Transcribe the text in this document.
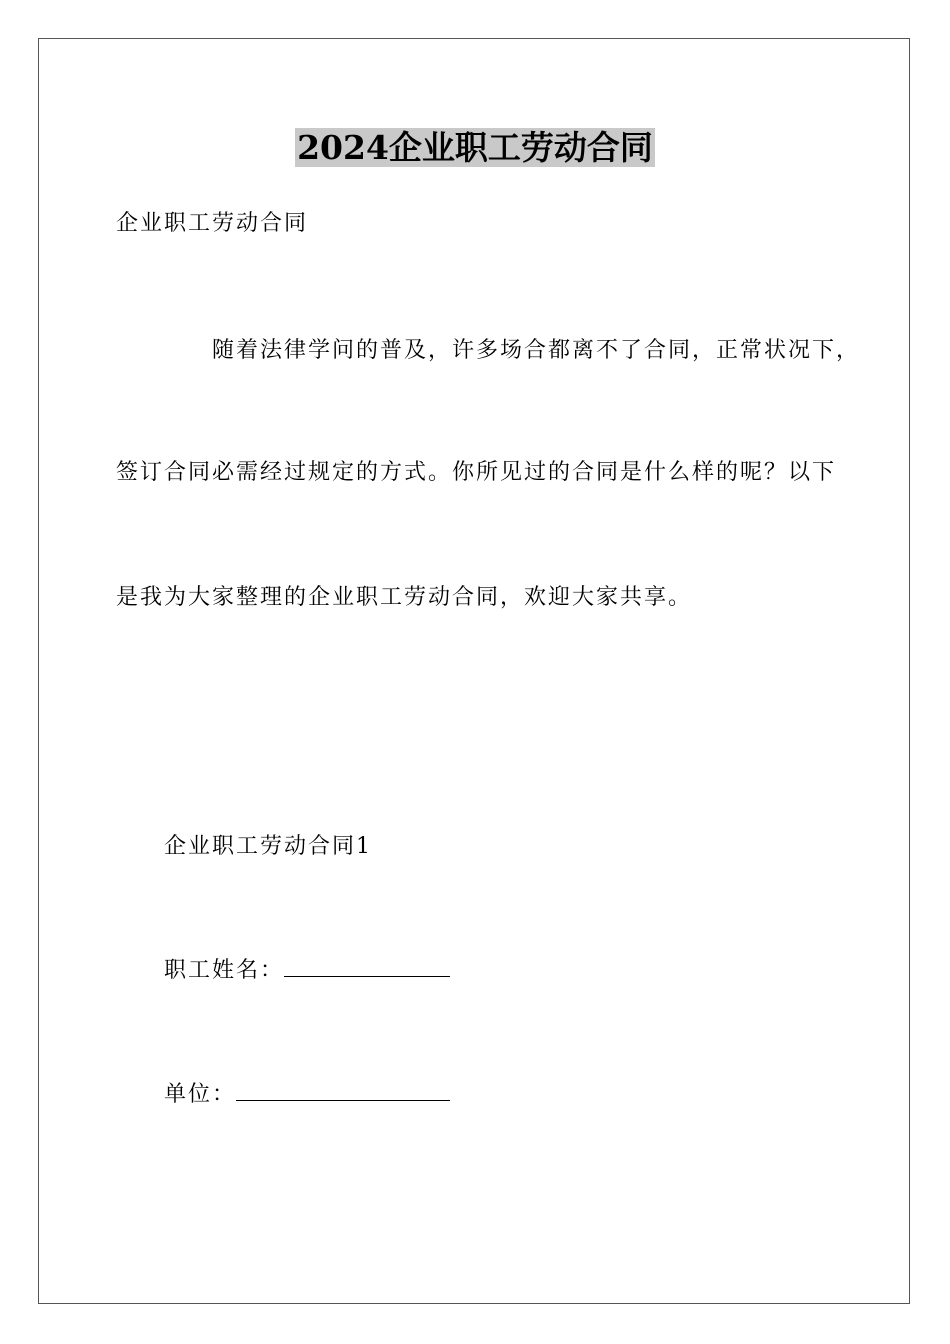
2024企业职工劳动合同
企业职工劳动合同
随着法律学问的普及，许多场合都离不了合同，正常状况下，
签订合同必需经过规定的方式。你所见过的合同是什么样的呢？以下
是我为大家整理的企业职工劳动合同，欢迎大家共享。
企业职工劳动合同1
职工姓名：
单位：
